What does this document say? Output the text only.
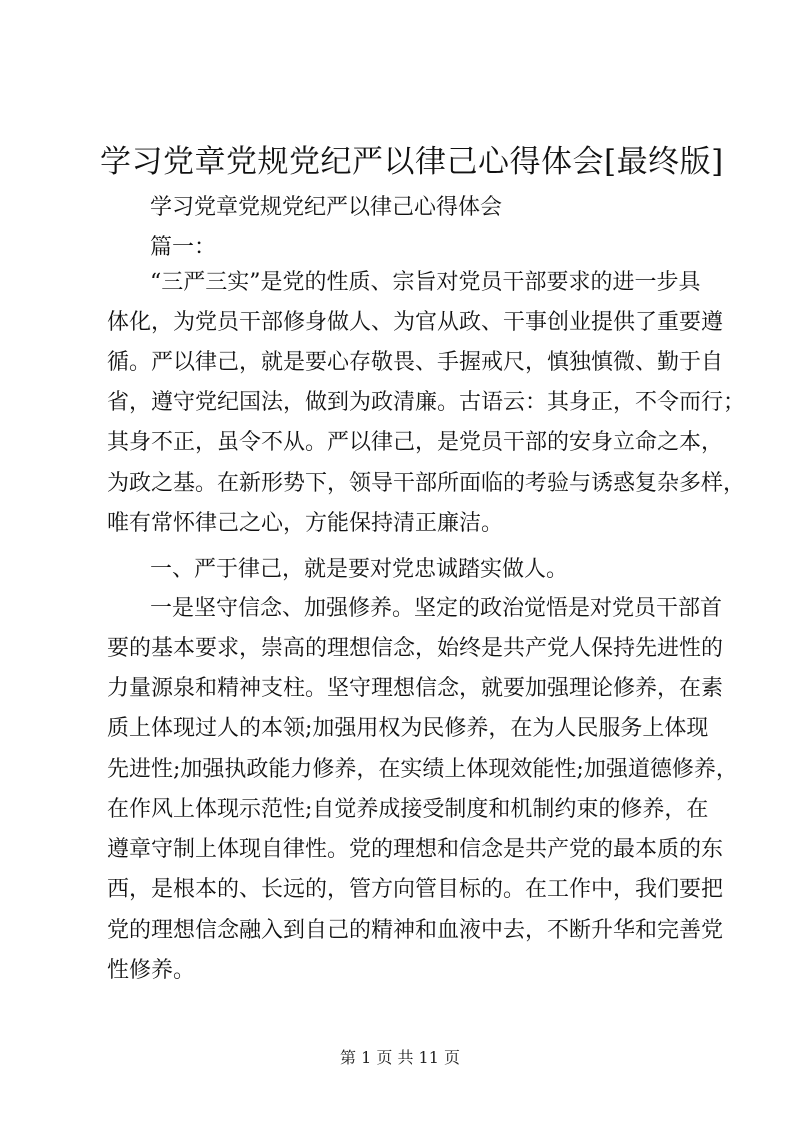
学习党章党规党纪严以律己心得体会[最终版]

学习党章党规党纪严以律己心得体会

篇一：

“三严三实”是党的性质、宗旨对党员干部要求的进一步具

体化，为党员干部修身做人、为官从政、干事创业提供了重要遵

循。严以律己，就是要心存敬畏、手握戒尺，慎独慎微、勤于自

省，遵守党纪国法，做到为政清廉。古语云：其身正，不令而行；

其身不正，虽令不从。严以律己，是党员干部的安身立命之本，

为政之基。在新形势下，领导干部所面临的考验与诱惑复杂多样，

唯有常怀律己之心，方能保持清正廉洁。

一、严于律己，就是要对党忠诚踏实做人。

一是坚守信念、加强修养。坚定的政治觉悟是对党员干部首

要的基本要求，崇高的理想信念，始终是共产党人保持先进性的

力量源泉和精神支柱。坚守理想信念，就要加强理论修养，在素

质上体现过人的本领;加强用权为民修养，在为人民服务上体现

先进性;加强执政能力修养，在实绩上体现效能性;加强道德修养，

在作风上体现示范性;自觉养成接受制度和机制约束的修养，在

遵章守制上体现自律性。党的理想和信念是共产党的最本质的东

西，是根本的、长远的，管方向管目标的。在工作中，我们要把

党的理想信念融入到自己的精神和血液中去，不断升华和完善党

性修养。

第 1 页 共 11 页
